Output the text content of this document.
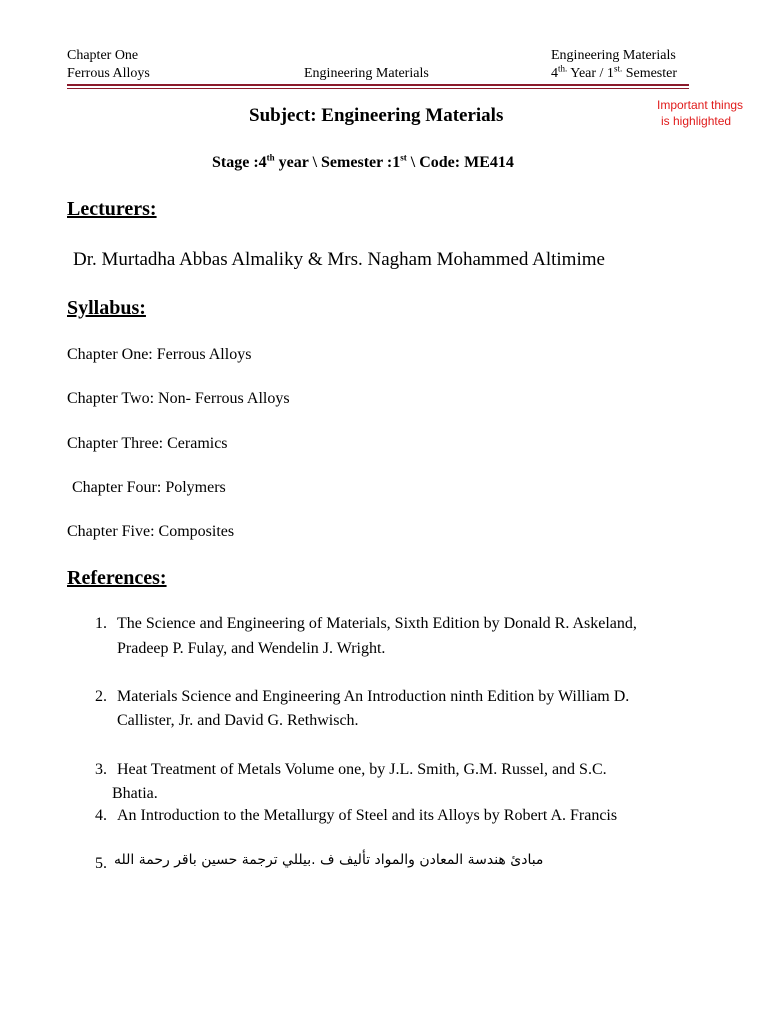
Chapter One
Ferrous Alloys	Engineering Materials
Engineering Materials
$4^{th.}$ Year / $1^{st.}$ Semester
Important things
is highlighted
Subject: Engineering Materials
Stage :4th year \ Semester :1st \ Code: ME414
Lecturers:
Dr. Murtadha Abbas Almaliky & Mrs. Nagham Mohammed Altimime
Syllabus:
Chapter One: Ferrous Alloys
Chapter Two: Non- Ferrous Alloys
Chapter Three: Ceramics
Chapter Four: Polymers
Chapter Five: Composites
References:
1. The Science and Engineering of Materials, Sixth Edition by Donald R. Askeland,
Pradeep P. Fulay, and Wendelin J. Wright.
2. Materials Science and Engineering An Introduction ninth Edition by William D.
Callister, Jr. and David G. Rethwisch.
3. Heat Treatment of Metals Volume one, by J.L. Smith, G.M. Russel, and S.C.
Bhatia.
4. An Introduction to the Metallurgy of Steel and its Alloys by Robert A. Francis
5. مبادئ هندسة المعادن والمواد تأليف ف .بيللي ترجمة حسين باقر رحمة الله
